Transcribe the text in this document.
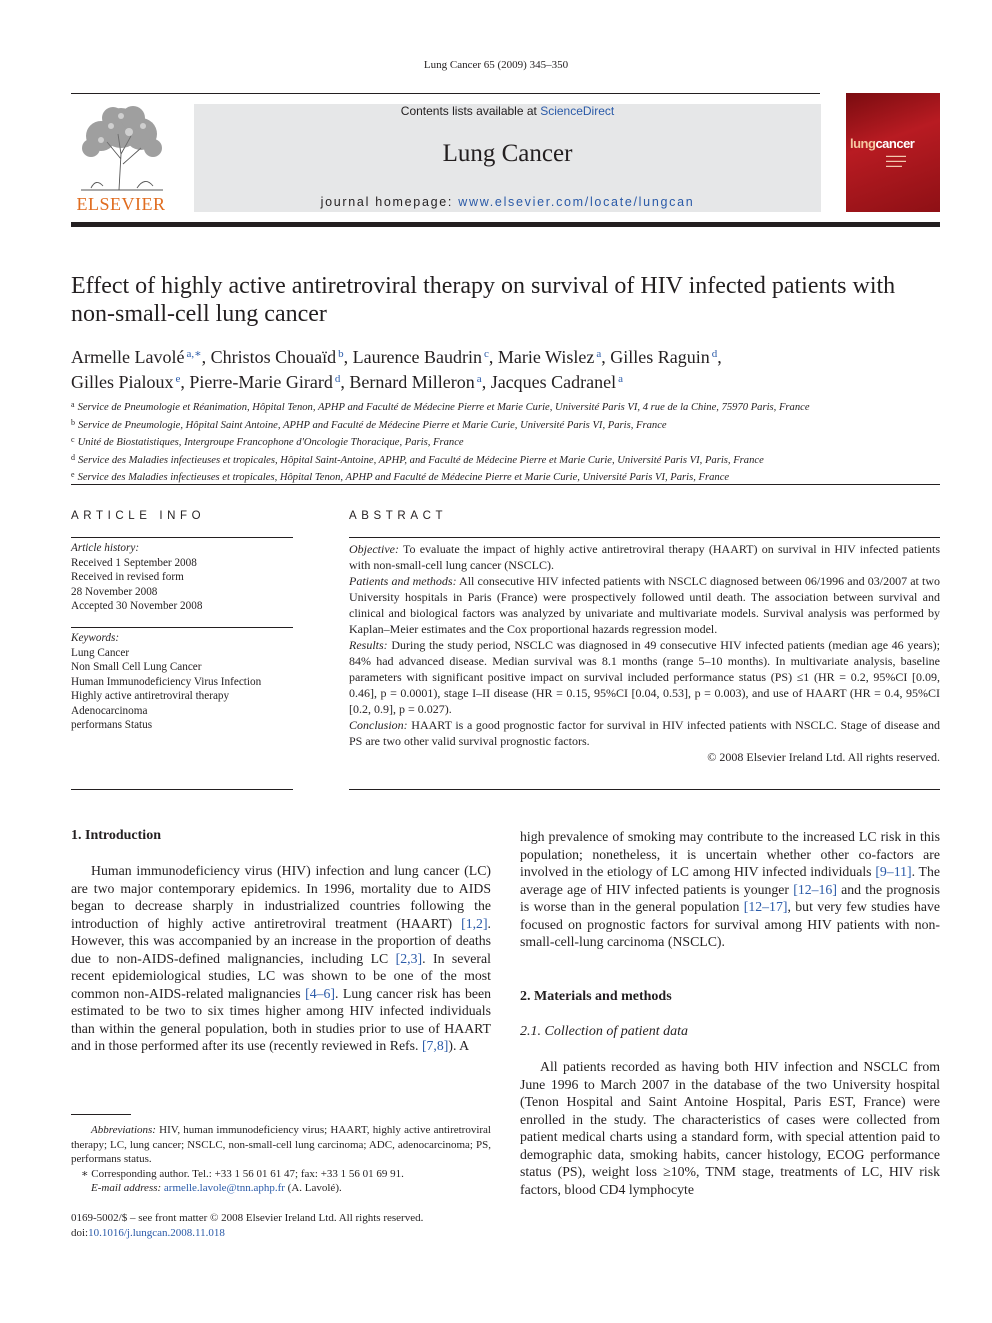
Lung Cancer 65 (2009) 345–350
ELSEVIER
Contents lists available at ScienceDirect
Lung Cancer
journal homepage: www.elsevier.com/locate/lungcan
lungcancer
▬▬▬▬▬
▬▬▬▬▬
▬▬▬▬
Effect of highly active antiretroviral therapy on survival of HIV infected patients with non-small-cell lung cancer
Armelle Lavolé $^{a,∗}$, Christos Chouaïd $^b$, Laurence Baudrin $^c$, Marie Wislez $^a$, Gilles Raguin $^d$,
Gilles Pialoux $^e$, Pierre-Marie Girard $^d$, Bernard Milleron $^a$, Jacques Cadranel $^a$
$^a$ Service de Pneumologie et Réanimation, Hôpital Tenon, APHP and Faculté de Médecine Pierre et Marie Curie, Université Paris VI, 4 rue de la Chine, 75970 Paris, France
$^b$ Service de Pneumologie, Hôpital Saint Antoine, APHP and Faculté de Médecine Pierre et Marie Curie, Université Paris VI, Paris, France
$^c$ Unité de Biostatistiques, Intergroupe Francophone d'Oncologie Thoracique, Paris, France
$^d$ Service des Maladies infectieuses et tropicales, Hôpital Saint-Antoine, APHP, and Faculté de Médecine Pierre et Marie Curie, Université Paris VI, Paris, France
$^e$ Service des Maladies infectieuses et tropicales, Hôpital Tenon, APHP and Faculté de Médecine Pierre et Marie Curie, Université Paris VI, Paris, France
ARTICLE INFO
Article history:
Received 1 September 2008
Received in revised form
28 November 2008
Accepted 30 November 2008
Keywords:
Lung Cancer
Non Small Cell Lung Cancer
Human Immunodeficiency Virus Infection
Highly active antiretroviral therapy
Adenocarcinoma
performans Status
ABSTRACT

Objective: To evaluate the impact of highly active antiretroviral therapy (HAART) on survival in HIV infected patients with non-small-cell lung cancer (NSCLC).

Patients and methods: All consecutive HIV infected patients with NSCLC diagnosed between 06/1996 and 03/2007 at two University hospitals in Paris (France) were prospectively followed until death. The association between survival and clinical and biological factors was analyzed by univariate and multivariate models. Survival analysis was performed by Kaplan–Meier estimates and the Cox proportional hazards regression model.

Results: During the study period, NSCLC was diagnosed in 49 consecutive HIV infected patients (median age 46 years); 84% had advanced disease. Median survival was 8.1 months (range 5–10 months). In multivariate analysis, baseline parameters with significant positive impact on survival included performance status (PS) ≤1 (HR = 0.2, 95%CI [0.09, 0.46], p = 0.0001), stage I–II disease (HR = 0.15, 95%CI [0.04, 0.53], p = 0.003), and use of HAART (HR = 0.4, 95%CI [0.2, 0.9], p = 0.027).

Conclusion: HAART is a good prognostic factor for survival in HIV infected patients with NSCLC. Stage of disease and PS are two other valid survival prognostic factors.

© 2008 Elsevier Ireland Ltd. All rights reserved.

1. Introduction

Human immunodeficiency virus (HIV) infection and lung cancer (LC) are two major contemporary epidemics. In 1996, mortality due to AIDS began to decrease sharply in industrialized countries following the introduction of highly active antiretroviral treatment (HAART) [1,2]. However, this was accompanied by an increase in the proportion of deaths due to non-AIDS-defined malignancies, including LC [2,3]. In several recent epidemiological studies, LC was shown to be one of the most common non-AIDS-related malignancies [4–6]. Lung cancer risk has been estimated to be two to six times higher among HIV infected individuals than within the general population, both in studies prior to use of HAART and in those performed after its use (recently reviewed in Refs. [7,8]). A

Abbreviations: HIV, human immunodeficiency virus; HAART, highly active antiretroviral therapy; LC, lung cancer; NSCLC, non-small-cell lung carcinoma; ADC, adenocarcinoma; PS, performans status.
∗ Corresponding author. Tel.: +33 1 56 01 61 47; fax: +33 1 56 01 69 91.
E-mail address: armelle.lavole@tnn.aphp.fr (A. Lavolé).
0169-5002/$ – see front matter © 2008 Elsevier Ireland Ltd. All rights reserved.
doi:10.1016/j.lungcan.2008.11.018

high prevalence of smoking may contribute to the increased LC risk in this population; nonetheless, it is uncertain whether other co-factors are involved in the etiology of LC among HIV infected individuals [9–11]. The average age of HIV infected patients is younger [12–16] and the prognosis is worse than in the general population [12–17], but very few studies have focused on prognostic factors for survival among HIV patients with non-small-cell-lung carcinoma (NSCLC).

2. Materials and methods
2.1. Collection of patient data

All patients recorded as having both HIV infection and NSCLC from June 1996 to March 2007 in the database of the two University hospital (Tenon Hospital and Saint Antoine Hospital, Paris EST, France) were enrolled in the study. The characteristics of cases were collected from patient medical charts using a standard form, with special attention paid to demographic data, smoking habits, cancer histology, ECOG performance status (PS), weight loss ≥10%, TNM stage, treatments of LC, HIV risk factors, blood CD4 lymphocyte
